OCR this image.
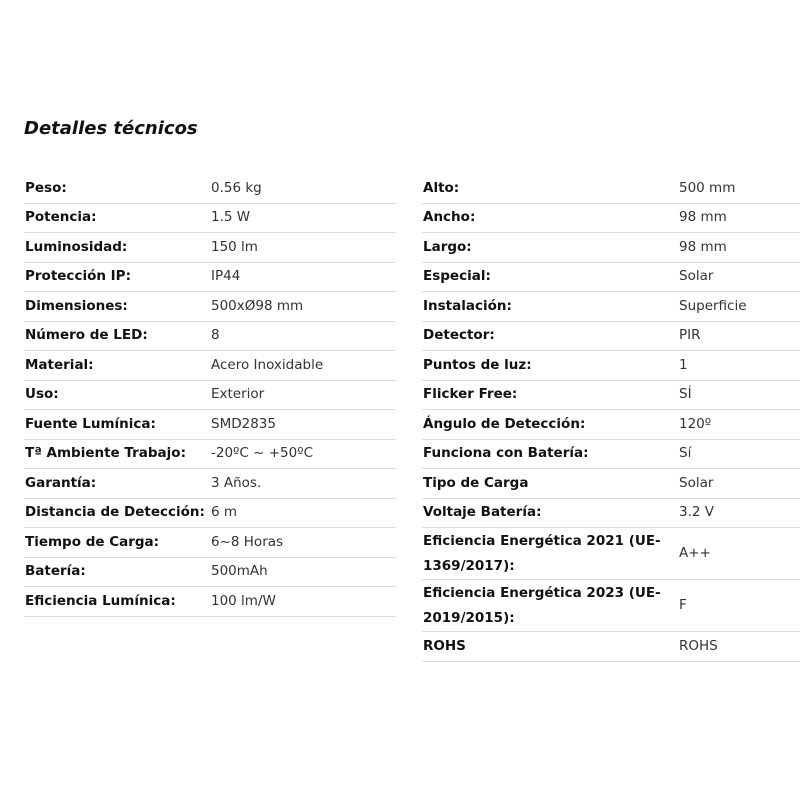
Detalles técnicos
Peso:	0.56 kg
Potencia:	1.5 W
Luminosidad:	150 lm
Protección IP:	IP44
Dimensiones:	500xØ98 mm
Número de LED:	8
Material:	Acero Inoxidable
Uso:	Exterior
Fuente Lumínica:	SMD2835
Tª Ambiente Trabajo:	-20ºC ~ +50ºC
Garantía:	3 Años.
Distancia de Detección:	6 m
Tiempo de Carga:	6~8 Horas
Batería:	500mAh
Eficiencia Lumínica:	100 lm/W
Alto:	500 mm
Ancho:	98 mm
Largo:	98 mm
Especial:	Solar
Instalación:	Superficie
Detector:	PIR
Puntos de luz:	1
Flicker Free:	SÍ
Ángulo de Detección:	120º
Funciona con Batería:	Sí
Tipo de Carga	Solar
Voltaje Batería:	3.2 V
Eficiencia Energética 2021 (UE-1369/2017):	A++
Eficiencia Energética 2023 (UE-2019/2015):	F
ROHS	ROHS
